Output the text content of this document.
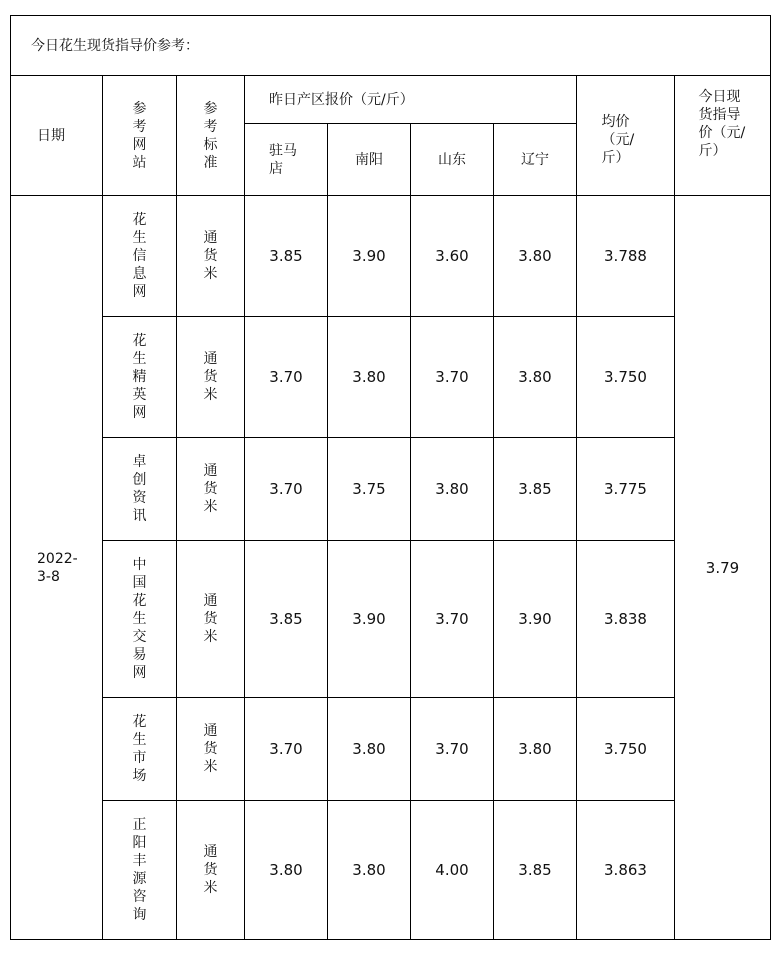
今日花生现货指导价参考：								
日期	参考网站	参考标准	昨日产区报价（元/斤）				均价（元/斤）	今日现货指导价（元/斤）

			驻马店	南阳	山东	辽宁		

2022-3-8	花生信息网	通货米	3.85	3.90	3.60	3.80	3.788	3.79

	花生精英网	通货米	3.70	3.80	3.70	3.80	3.750	

	卓创资讯	通货米	3.70	3.75	3.80	3.85	3.775	

	中国花生交易网	通货米	3.85	3.90	3.70	3.90	3.838	

	花生市场	通货米	3.70	3.80	3.70	3.80	3.750	

	正阳丰源咨询	通货米	3.80	3.80	4.00	3.85	3.863	
